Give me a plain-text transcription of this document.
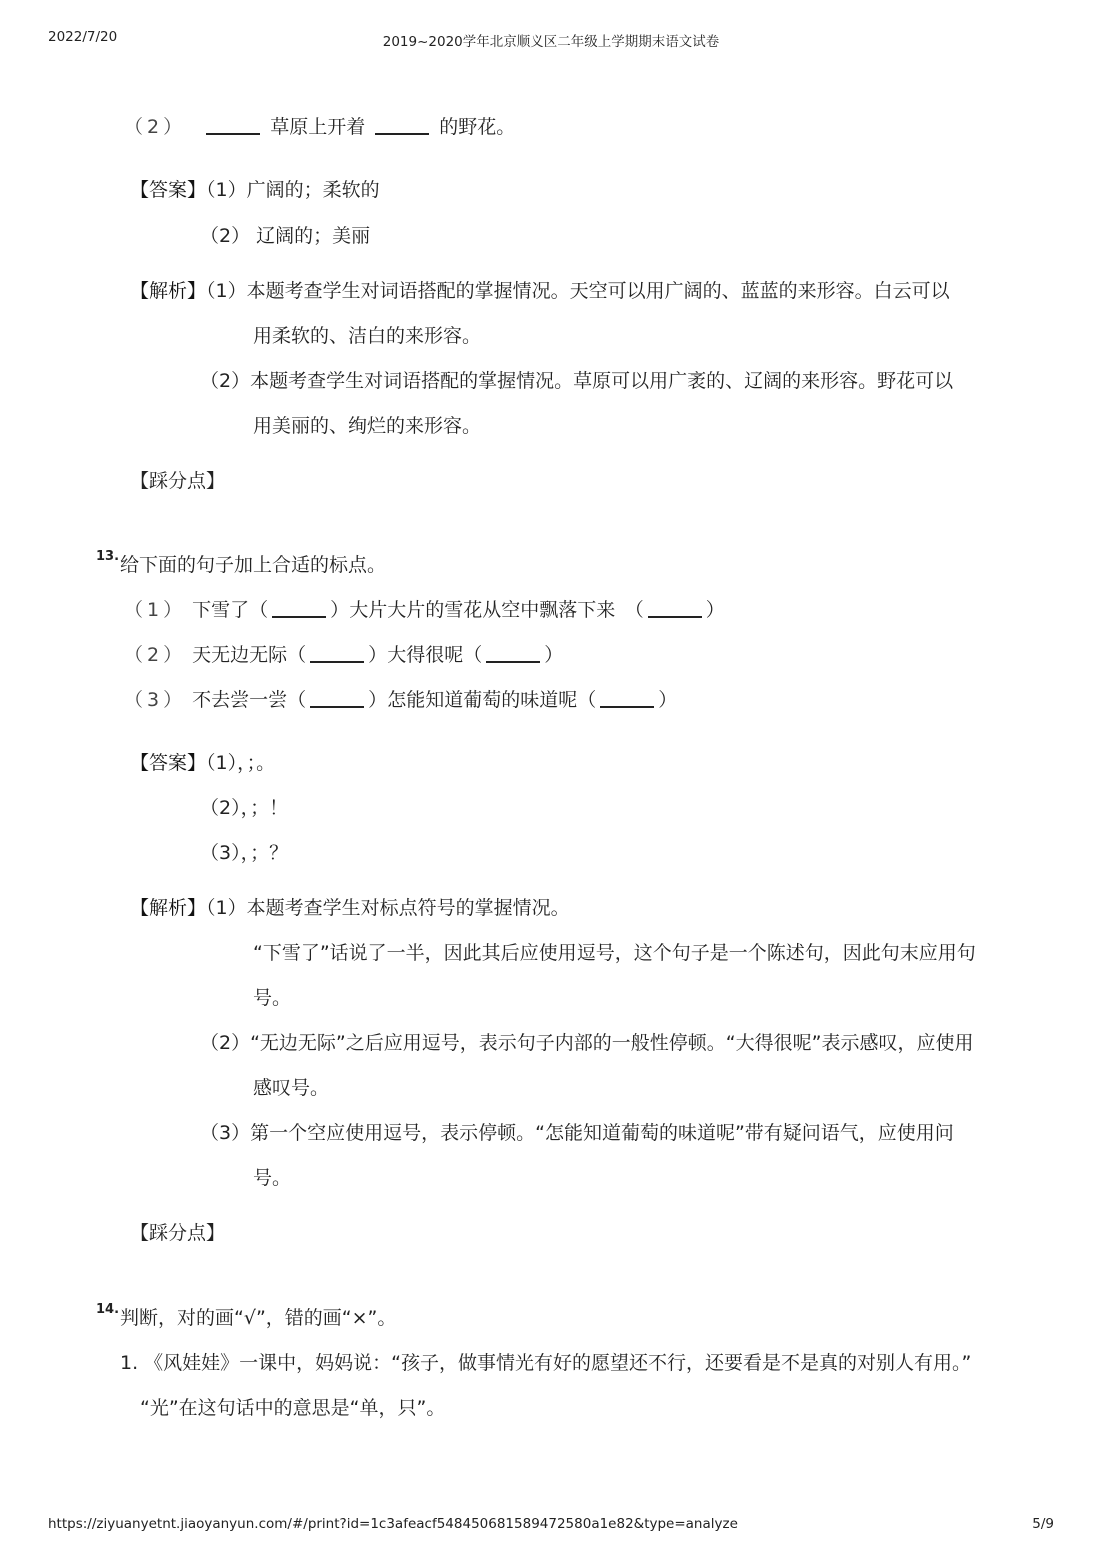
2022/7/20	2019~2020学年北京顺义区二年级上学期期末语文试卷
（2）	草原上开着	的野花。
【答案】（1）广阔的；柔软的
（2） 辽阔的；美丽
【解析】（1）本题考查学生对词语搭配的掌握情况。天空可以用广阔的、蓝蓝的来形容。白云可以
用柔软的、洁白的来形容。
（2）本题考查学生对词语搭配的掌握情况。草原可以用广袤的、辽阔的来形容。野花可以
用美丽的、绚烂的来形容。
【踩分点】
13. 给下面的句子加上合适的标点。
（1） 下雪了（	）大片大片的雪花从空中飘落下来　（	）
（2） 天无边无际（	）大得很呢（	）
（3） 不去尝一尝（	）怎能知道葡萄的味道呢（	）
【答案】（1），；。
（2），；！
（3），；？
【解析】（1）本题考查学生对标点符号的掌握情况。
“下雪了”话说了一半，因此其后应使用逗号，这个句子是一个陈述句，因此句末应用句
号。
（2）“无边无际”之后应用逗号，表示句子内部的一般性停顿。“大得很呢”表示感叹，应使用
感叹号。
（3）第一个空应使用逗号，表示停顿。“怎能知道葡萄的味道呢”带有疑问语气，应使用问
号。
【踩分点】
14. 判断，对的画“√”，错的画“×”。
1. 《风娃娃》一课中，妈妈说：“孩子，做事情光有好的愿望还不行，还要看是不是真的对别人有用。”
“光”在这句话中的意思是“单，只”。
https://ziyuanyetnt.jiaoyanyun.com/#/print?id=1c3afeacf548450681589472580a1e82&type=analyze	5/9
